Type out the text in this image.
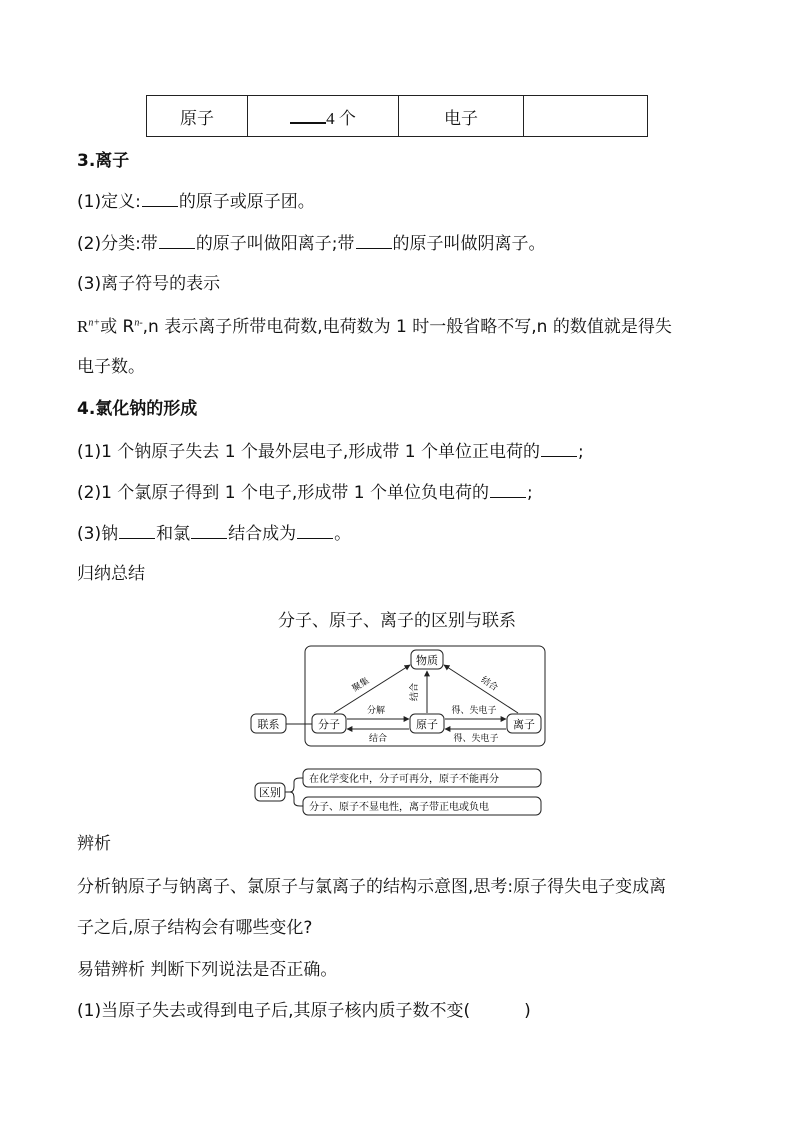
原子	4 个	电子	
3.离子
(1)定义: 的原子或原子团。
(2)分类:带 的原子叫做阳离子;带 的原子叫做阴离子。
(3)离子符号的表示
$R^{n+}$或 $R^{n-},n$ 表示离子所带电荷数,电荷数为 1 时一般省略不写,n 的数值就是得失
电子数。
4.氯化钠的形成
(1)1 个钠原子失去 1 个最外层电子,形成带 1 个单位正电荷的 ;
(2)1 个氯原子得到 1 个电子,形成带 1 个单位负电荷的 ;
(3)钠 和氯 结合成为 。
归纳总结
分子、原子、离子的区别与联系
联系
物质
分子	原子	离子
聚集	结合	结合
分解
结合
得、失电子
得、失电子
区别
在化学变化中，分子可再分，原子不能再分
分子、原子不显电性，离子带正电或负电
辨析
分析钠原子与钠离子、氯原子与氯离子的结构示意图,思考:原子得失电子变成离
子之后,原子结构会有哪些变化?
易错辨析 判断下列说法是否正确。
(1)当原子失去或得到电子后,其原子核内质子数不变(          )
